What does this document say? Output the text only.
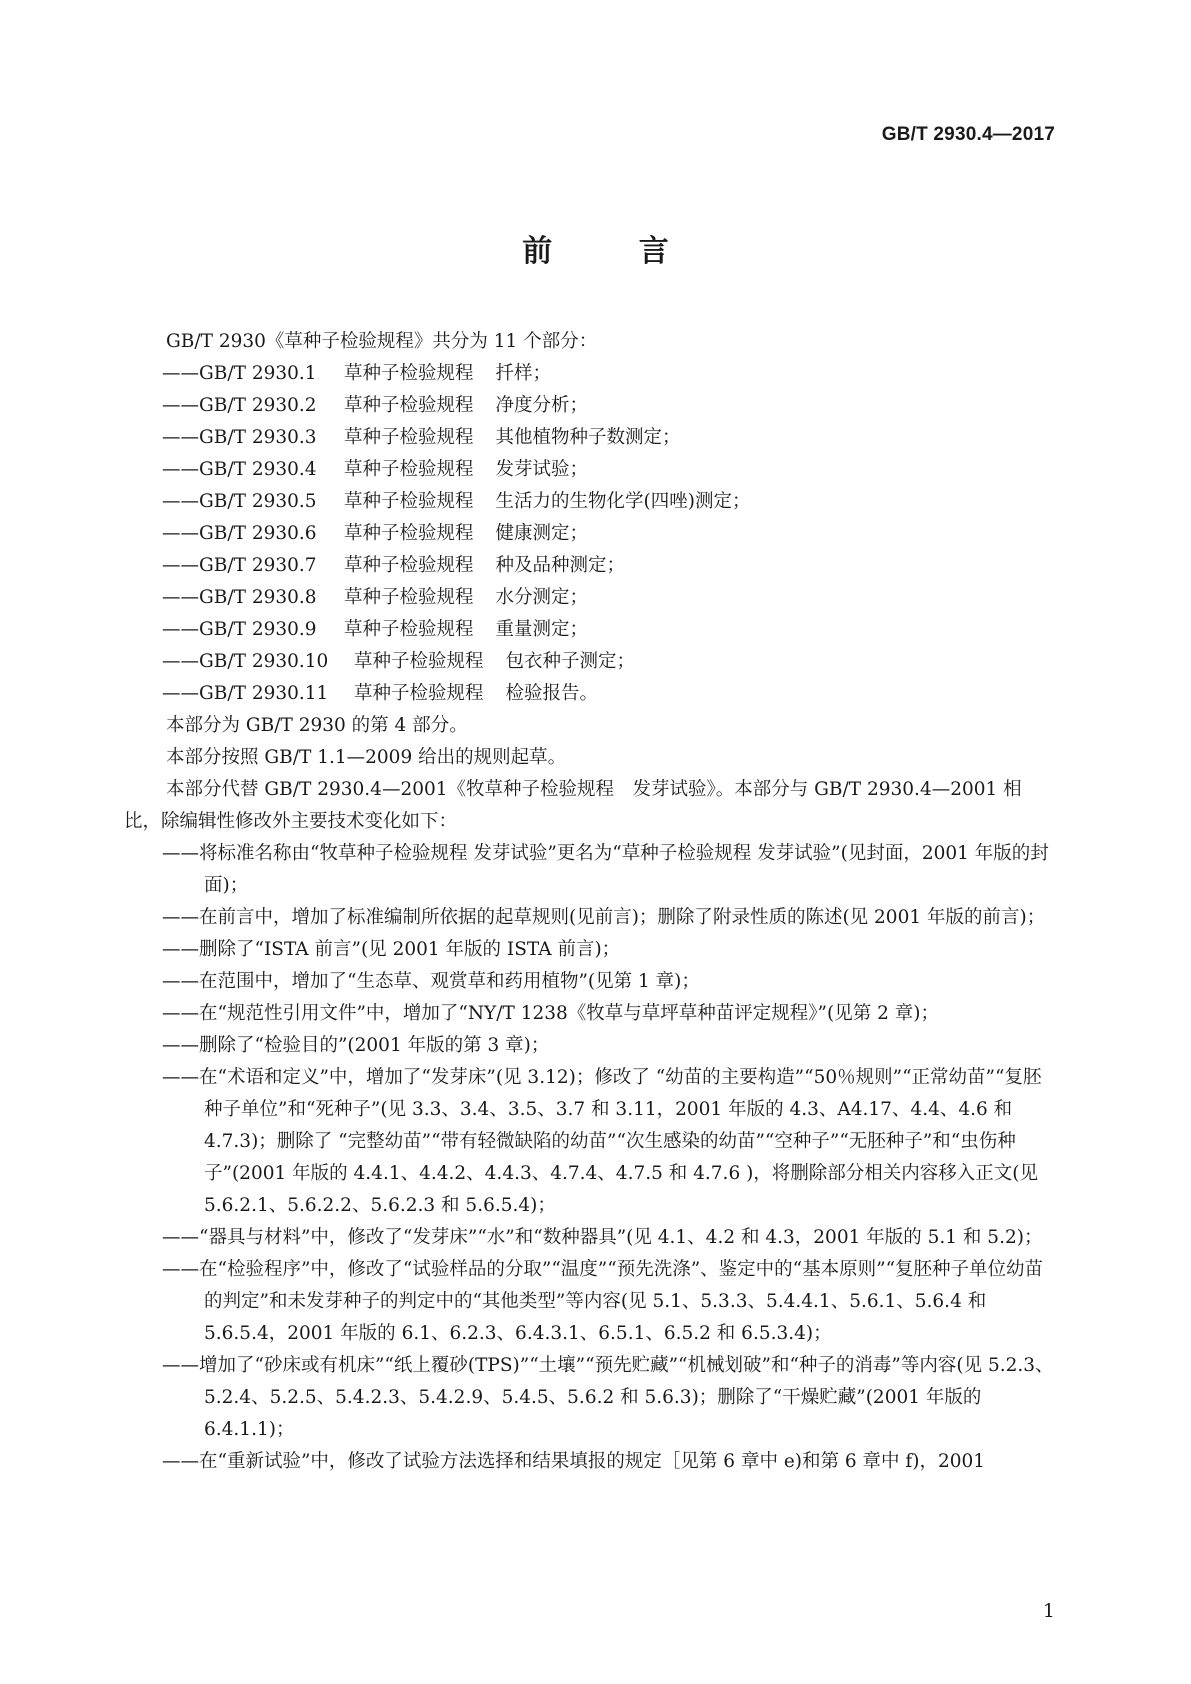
GB/T 2930.4—2017
前 言
GB/T 2930《草种子检验规程》共分为 11 个部分：
——GB/T 2930.1 草种子检验规程 扦样；
——GB/T 2930.2 草种子检验规程 净度分析；
——GB/T 2930.3 草种子检验规程 其他植物种子数测定；
——GB/T 2930.4 草种子检验规程 发芽试验；
——GB/T 2930.5 草种子检验规程 生活力的生物化学(四唑)测定；
——GB/T 2930.6 草种子检验规程 健康测定；
——GB/T 2930.7 草种子检验规程 种及品种测定；
——GB/T 2930.8 草种子检验规程 水分测定；
——GB/T 2930.9 草种子检验规程 重量测定；
——GB/T 2930.10 草种子检验规程 包衣种子测定；
——GB/T 2930.11 草种子检验规程 检验报告。
本部分为 GB/T 2930 的第 4 部分。
本部分按照 GB/T 1.1—2009 给出的规则起草。
本部分代替 GB/T 2930.4—2001《牧草种子检验规程　发芽试验》。本部分与 GB/T 2930.4—2001 相比，除编辑性修改外主要技术变化如下：
——将标准名称由“牧草种子检验规程 发芽试验”更名为“草种子检验规程 发芽试验”(见封面，2001 年版的封面)；
——在前言中，增加了标准编制所依据的起草规则(见前言)；删除了附录性质的陈述(见 2001 年版的前言)；
——删除了“ISTA 前言”(见 2001 年版的 ISTA 前言)；
——在范围中，增加了“生态草、观赏草和药用植物”(见第 1 章)；
——在“规范性引用文件”中，增加了“NY/T 1238《牧草与草坪草种苗评定规程》”(见第 2 章)；
——删除了“检验目的”(2001 年版的第 3 章)；
——在“术语和定义”中，增加了“发芽床”(见 3.12)；修改了 “幼苗的主要构造”“50％规则”“正常幼苗”“复胚种子单位”和“死种子”(见 3.3、3.4、3.5、3.7 和 3.11，2001 年版的 4.3、A4.17、4.4、4.6 和 4.7.3)；删除了 “完整幼苗”“带有轻微缺陷的幼苗”“次生感染的幼苗”“空种子”“无胚种子”和“虫伤种子”(2001 年版的 4.4.1、4.4.2、4.4.3、4.7.4、4.7.5 和 4.7.6 )，将删除部分相关内容移入正文(见 5.6.2.1、5.6.2.2、5.6.2.3 和 5.6.5.4)；
——“器具与材料”中，修改了“发芽床”“水”和“数种器具”(见 4.1、4.2 和 4.3，2001 年版的 5.1 和 5.2)；
——在“检验程序”中，修改了“试验样品的分取”“温度”“预先洗涤”、鉴定中的“基本原则”“复胚种子单位幼苗的判定”和未发芽种子的判定中的“其他类型”等内容(见 5.1、5.3.3、5.4.4.1、5.6.1、5.6.4 和 5.6.5.4，2001 年版的 6.1、6.2.3、6.4.3.1、6.5.1、6.5.2 和 6.5.3.4)；
——增加了“砂床或有机床”“纸上覆砂(TPS)”“土壤”“预先贮藏”“机械划破”和“种子的消毒”等内容(见 5.2.3、5.2.4、5.2.5、5.4.2.3、5.4.2.9、5.4.5、5.6.2 和 5.6.3)；删除了“干燥贮藏”(2001 年版的 6.4.1.1)；
——在“重新试验”中，修改了试验方法选择和结果填报的规定［见第 6 章中 e)和第 6 章中 f)，2001
1
